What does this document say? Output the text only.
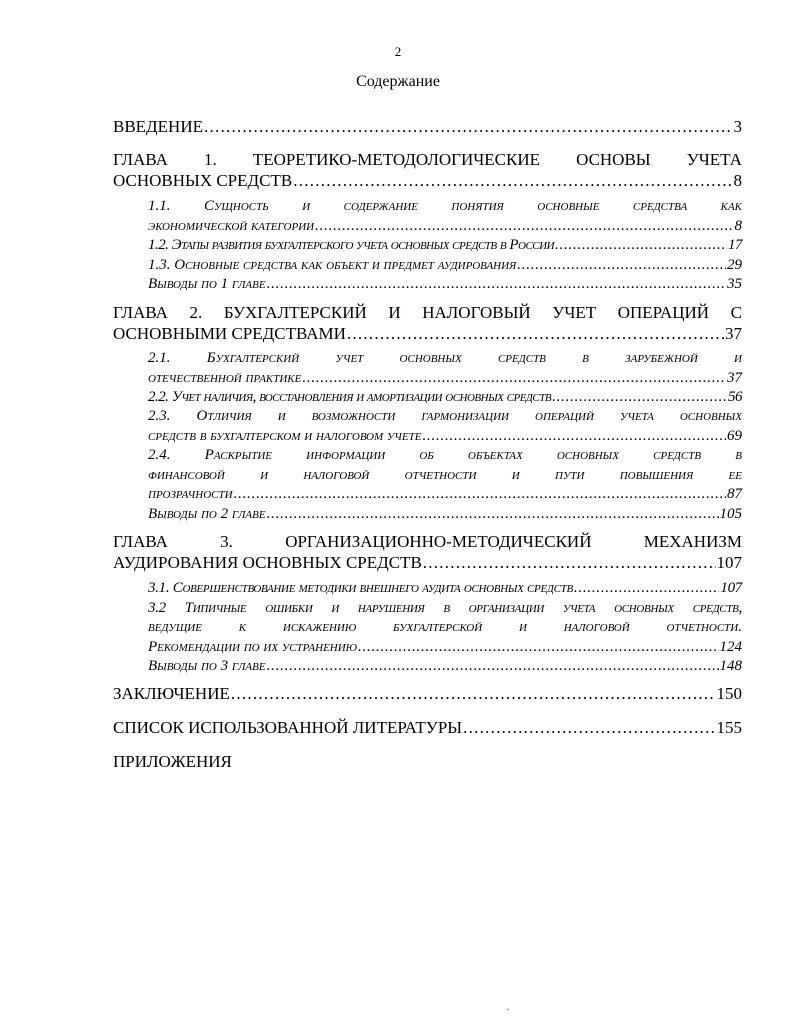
2
Содержание
ВВЕДЕНИЕ . . .	3
ГЛАВА 1. ТЕОРЕТИКО-МЕТОДОЛОГИЧЕСКИЕ ОСНОВЫ УЧЕТА
ОСНОВНЫХ СРЕДСТВ . . .	8
1.1. Сущность и содержание понятия основные средства как
экономической категории . . .	8
1.2. Этапы развития бухгалтерского учета основных средств в России . . .	17
1.3. Основные средства как объект и предмет аудирования . . .	29
Выводы по 1 главе . . .	35
ГЛАВА 2. БУХГАЛТЕРСКИЙ И НАЛОГОВЫЙ УЧЕТ ОПЕРАЦИЙ С
ОСНОВНЫМИ СРЕДСТВАМИ . . .	37
2.1. Бухгалтерский учет основных средств в зарубежной и
отечественной практике . . .	37
2.2. Учет наличия, восстановления и амортизации основных средств . . .	56
2.3. Отличия и возможности гармонизации операций учета основных
средств в бухгалтерском и налоговом учете . . .	69
2.4. Раскрытие информации об объектах основных средств в
финансовой и налоговой отчетности и пути повышения ее
прозрачности . . .	87
Выводы по 2 главе . . .	105
ГЛАВА 3. ОРГАНИЗАЦИОННО-МЕТОДИЧЕСКИЙ МЕХАНИЗМ
АУДИРОВАНИЯ ОСНОВНЫХ СРЕДСТВ . . .	107
3.1. Совершенствование методики внешнего аудита основных средств . . .	107
3.2 Типичные ошибки и нарушения в организации учета основных средств,
ведущие к искажению бухгалтерской и налоговой отчетности.
Рекомендации по их устранению . . .	124
Выводы по 3 главе . . .	148
ЗАКЛЮЧЕНИЕ . . .	150
СПИСОК ИСПОЛЬЗОВАННОЙ ЛИТЕРАТУРЫ . . .	155
ПРИЛОЖЕНИЯ
`
